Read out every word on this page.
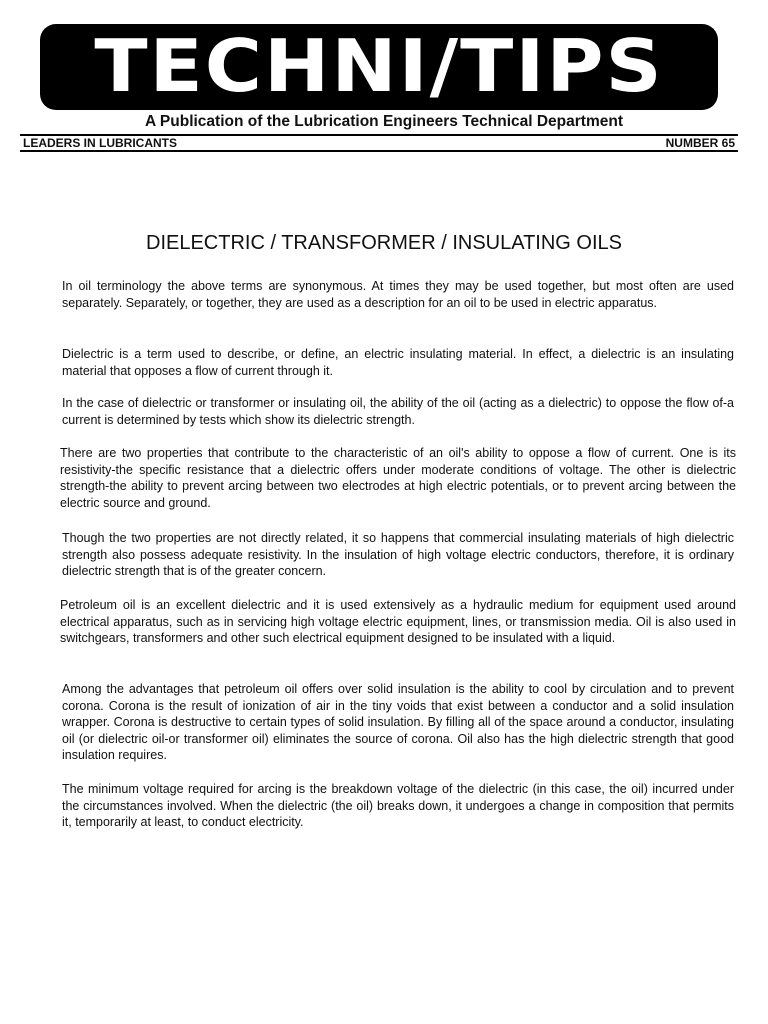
TECHNI/TIPS
A Publication of the Lubrication Engineers Technical Department
LEADERS IN LUBRICANTS	NUMBER 65
DIELECTRIC / TRANSFORMER / INSULATING OILS

In oil terminology the above terms are synonymous. At times they may be used together, but most often are used separately. Separately, or together, they are used as a description for an oil to be used in electric apparatus.

Dielectric is a term used to describe, or define, an electric insulating material. In effect, a dielectric is an insulating material that opposes a flow of current through it.

In the case of dielectric or transformer or insulating oil, the ability of the oil (acting as a dielectric) to oppose the flow of-a current is determined by tests which show its dielectric strength.

There are two properties that contribute to the characteristic of an oil's ability to oppose a flow of current. One is its resistivity-the specific resistance that a dielectric offers under moderate conditions of voltage. The other is dielectric strength-the ability to prevent arcing between two electrodes at high electric potentials, or to prevent arcing between the electric source and ground.

Though the two properties are not directly related, it so happens that commercial insulating materials of high dielectric strength also possess adequate resistivity. In the insulation of high voltage electric conductors, therefore, it is ordinary dielectric strength that is of the greater concern.

Petroleum oil is an excellent dielectric and it is used extensively as a hydraulic medium for equipment used around electrical apparatus, such as in servicing high voltage electric equipment, lines, or transmission media. Oil is also used in switchgears, transformers and other such electrical equipment designed to be insulated with a liquid.

Among the advantages that petroleum oil offers over solid insulation is the ability to cool by circulation and to prevent corona. Corona is the result of ionization of air in the tiny voids that exist between a conductor and a solid insulation wrapper. Corona is destructive to certain types of solid insulation. By filling all of the space around a conductor, insulating oil (or dielectric oil-or transformer oil) eliminates the source of corona. Oil also has the high dielectric strength that good insulation requires.

The minimum voltage required for arcing is the breakdown voltage of the dielectric (in this case, the oil) incurred under the circumstances involved. When the dielectric (the oil) breaks down, it undergoes a change in composition that permits it, temporarily at least, to conduct electricity.
